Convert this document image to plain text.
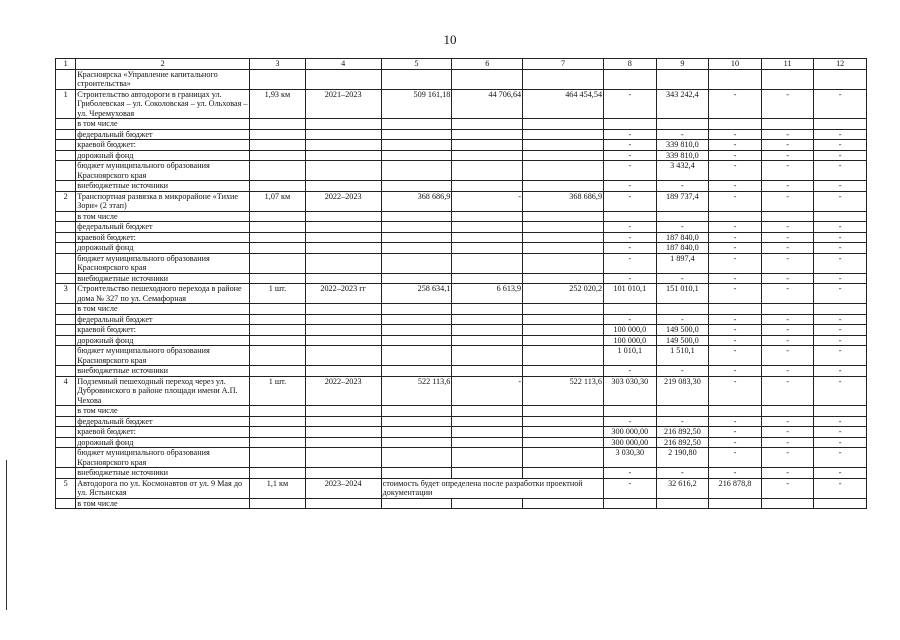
10
1	2	3	4	5	6	7	8	9	10	11	12
	Красноярска «Управление капитального строительства»										
1	Строительство автодороги в границах ул. Гриболевская – ул. Соколовская – ул. Ольховая – ул. Черемуховая	1,93 км	2021–2023	509 161,18	44 706,64	464 454,54	-	343 242,4	-	-	-
	в том числе										
	федеральный бюджет						-	-	-	-	-
	краевой бюджет:						-	339 810,0	-	-	-
	дорожный фонд						-	339 810,0	-	-	-
	бюджет муниципального образования Красноярского края						-	3 432,4	-	-	-
	внебюджетные источники						-	-	-	-	-
2	Транспортная развязка в микрорайоне «Тихие Зори» (2 этап)	1,07 км	2022–2023	368 686,9	-	368 686,9	-	189 737,4	-	-	-
	в том числе										
	федеральный бюджет						-	-	-	-	-
	краевой бюджет:						-	187 840,0	-	-	-
	дорожный фонд						-	187 840,0	-	-	-
	бюджет муниципального образования Красноярского края						-	1 897,4	-	-	-
	внебюджетные источники						-	-	-	-	-
3	Строительство пешеходного перехода в районе дома № 327 по ул. Семафорная	1 шт.	2022–2023 гг	258 634,1	6 613,9	252 020,2	101 010,1	151 010,1	-	-	-
	в том числе										
	федеральный бюджет						-	-	-	-	-
	краевой бюджет:						100 000,0	149 500,0	-	-	-
	дорожный фонд						100 000,0	149 500,0	-	-	-
	бюджет муниципального образования Красноярского края						1 010,1	1 510,1	-	-	-
	внебюджетные источники						-	-	-	-	-
4	Подземный пешеходный переход через ул. Дубровинского в районе площади имени А.П. Чехова	1 шт.	2022–2023	522 113,6	-	522 113,6	303 030,30	219 083,30	-	-	-
	в том числе										
	федеральный бюджет						-	-	-	-	-
	краевой бюджет:						300 000,00	216 892,50	-	-	-
	дорожный фонд						300 000,00	216 892,50	-	-	-
	бюджет муниципального образования Красноярского края						3 030,30	2 190,80	-	-	-
	внебюджетные источники						-	-	-	-	-
5	Автодорога по ул. Космонавтов от ул. 9 Мая до ул. Ястынская	1,1 км	2023–2024	стоимость будет определена после разработки проектной документации			-	32 616,2	216 878,8	-	-
	в том числе										
